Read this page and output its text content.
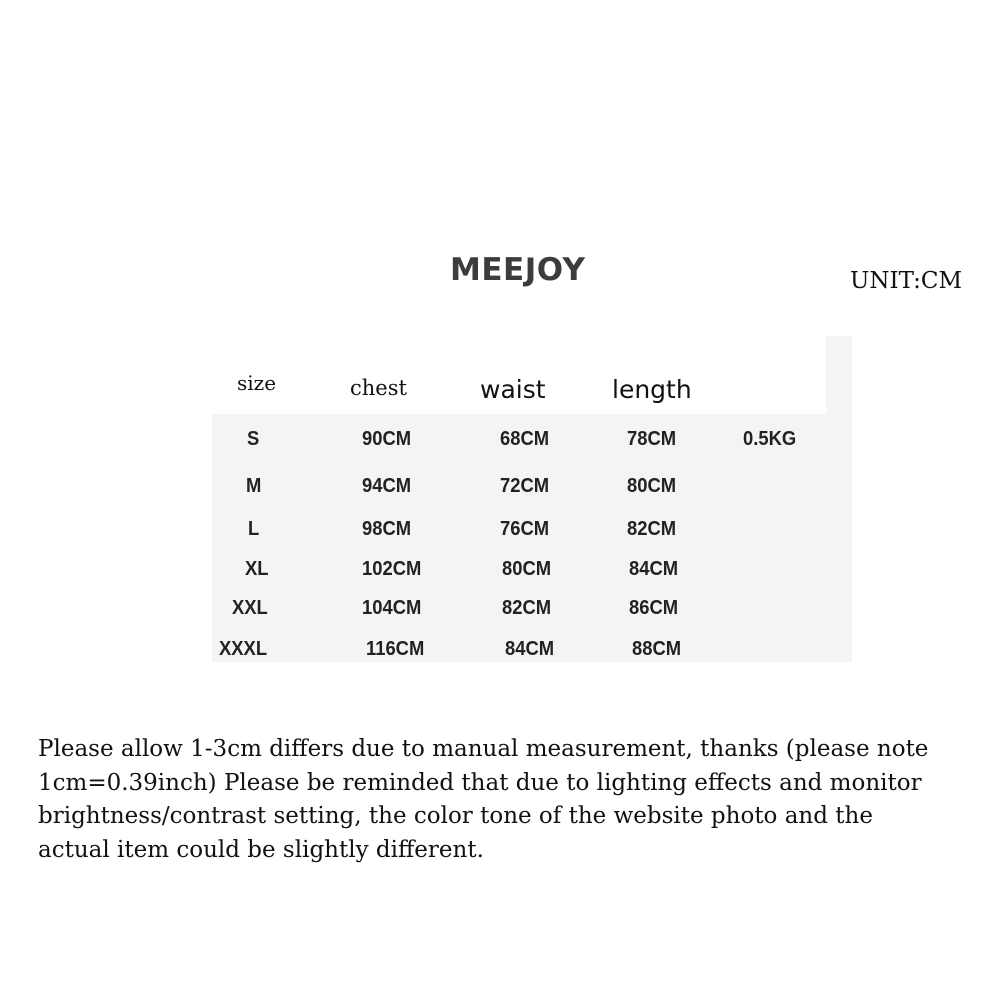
MEEJOY	UNIT:CM
size	chest	waist	length
S	90CM	68CM	78CM	0.5KG
M	94CM	72CM	80CM
L	98CM	76CM	82CM
XL	102CM	80CM	84CM
XXL	104CM	82CM	86CM
XXXL	116CM	84CM	88CM
Please allow 1-3cm differs due to manual measurement, thanks (please note
1cm=0.39inch) Please be reminded that due to lighting effects and monitor
brightness/contrast setting, the color tone of the website photo and the
actual item could be slightly different.
